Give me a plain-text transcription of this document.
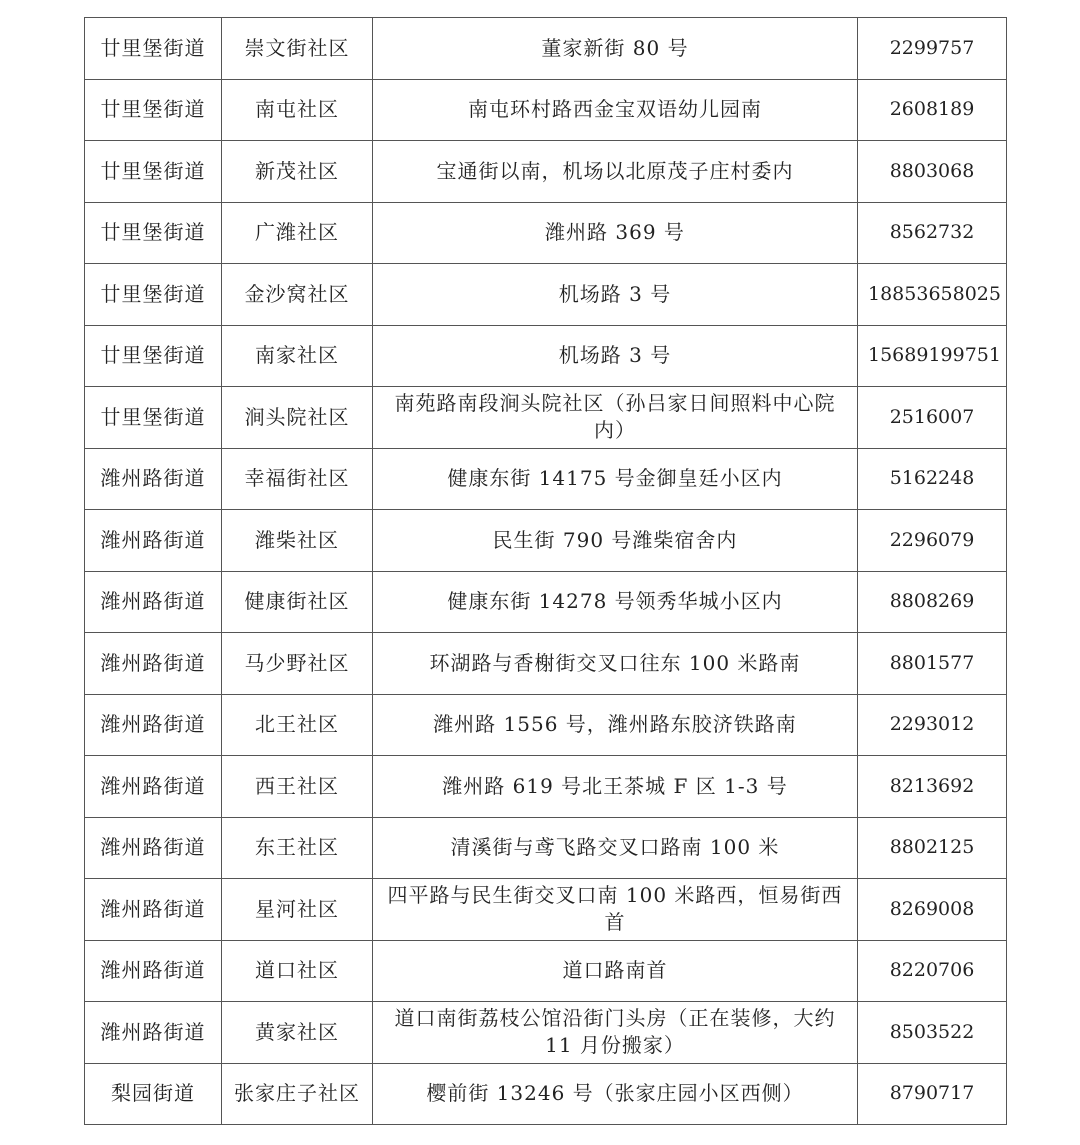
廿里堡街道	崇文街社区	董家新街 80 号	2299757
廿里堡街道	南屯社区	南屯环村路西金宝双语幼儿园南	2608189
廿里堡街道	新茂社区	宝通街以南，机场以北原茂子庄村委内	8803068
廿里堡街道	广潍社区	潍州路 369 号	8562732
廿里堡街道	金沙窝社区	机场路 3 号	18853658025
廿里堡街道	南家社区	机场路 3 号	15689199751
廿里堡街道	涧头院社区	南苑路南段涧头院社区（孙吕家日间照料中心院内）	2516007
潍州路街道	幸福街社区	健康东街 14175 号金御皇廷小区内	5162248
潍州路街道	潍柴社区	民生街 790 号潍柴宿舍内	2296079
潍州路街道	健康街社区	健康东街 14278 号领秀华城小区内	8808269
潍州路街道	马少野社区	环湖路与香榭街交叉口往东 100 米路南	8801577
潍州路街道	北王社区	潍州路 1556 号，潍州路东胶济铁路南	2293012
潍州路街道	西王社区	潍州路 619 号北王茶城 F 区 1-3 号	8213692
潍州路街道	东王社区	清溪街与鸢飞路交叉口路南 100 米	8802125
潍州路街道	星河社区	四平路与民生街交叉口南 100 米路西，恒易街西首	8269008
潍州路街道	道口社区	道口路南首	8220706
潍州路街道	黄家社区	道口南街荔枝公馆沿街门头房（正在装修，大约 11 月份搬家）	8503522
梨园街道	张家庄子社区	樱前街 13246 号（张家庄园小区西侧）	8790717
